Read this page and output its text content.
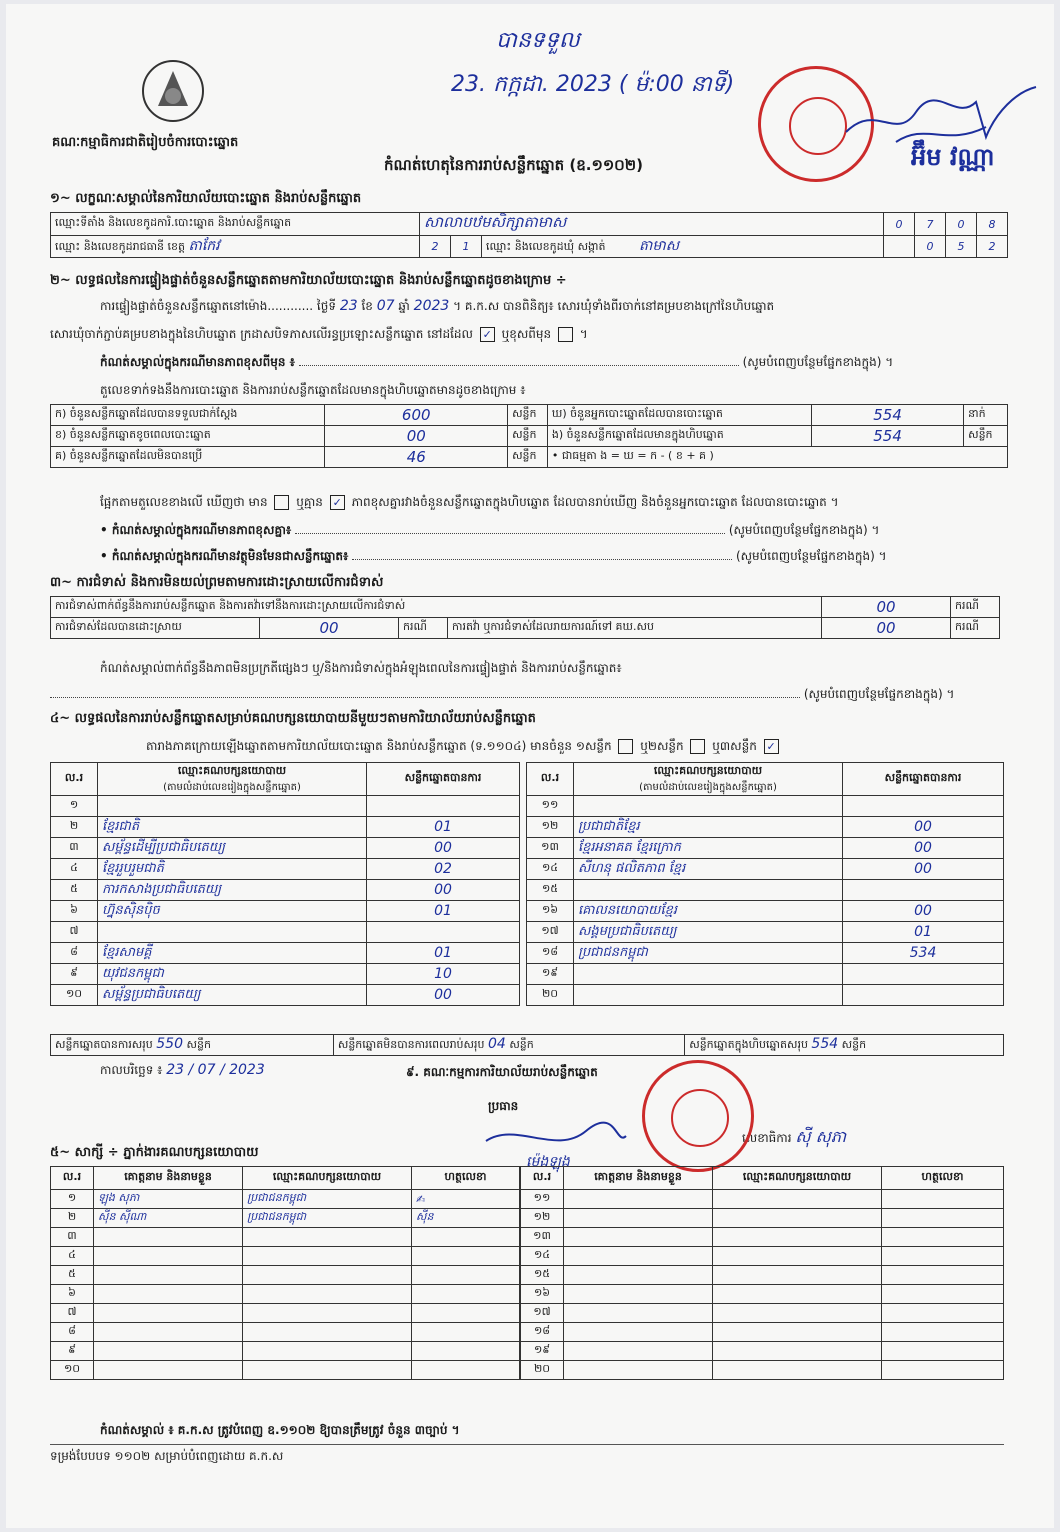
បានទទួល
23. កក្កដា. 2023 ( ម៉:00 នាទី)
អ៊ឹម វណ្ណា
គណៈកម្មាធិការជាតិរៀបចំការបោះឆ្នោត
កំណត់ហេតុនៃការរាប់សន្លឹកឆ្នោត (ឧ.១១០២)
១~ លក្ខណៈសម្គាល់នៃការិយាល័យបោះឆ្នោត និងរាប់សន្លឹកឆ្នោត
ឈ្មោះទីតាំង និងលេខកូដការិ.បោះឆ្នោត និងរាប់សន្លឹកឆ្នោត	សាលាបឋមសិក្សាតាមាស			0	7	0	8
ឈ្មោះ និងលេខកូដរាជធានី ខេត្ត តាកែវ	2	1	ឈ្មោះ និងលេខកូដឃុំ សង្កាត់ តាមាស		0	5	2
២~ លទ្ធផលនៃការផ្ទៀងផ្ទាត់ចំនួនសន្លឹកឆ្នោតតាមការិយាល័យបោះឆ្នោត និងរាប់សន្លឹកឆ្នោតដូចខាងក្រោម ÷
ការផ្ទៀងផ្ទាត់ចំនួនសន្លឹកឆ្នោតនៅម៉ោង............ ថ្ងៃទី 23 ខែ 07 ឆ្នាំ 2023 ។ គ.ក.ស បានពិនិត្យ៖ សោរឃុំទាំងពីរចាក់នៅគម្របខាងក្រៅនៃហិបឆ្នោត
សោរឃុំចាក់ភ្ជាប់គម្របខាងក្នុងនៃហិបឆ្នោត ក្រដាសបិទភាសលើរន្ធប្រឡោះសន្លឹកឆ្នោត នៅដដែល ✓ ឬខុសពីមុន  ។
កំណត់សម្គាល់ក្នុងករណីមានភាពខុសពីមុន ៖	(សូមបំពេញបន្ថែមផ្នែកខាងក្នុង) ។
តួលេខទាក់ទងនឹងការបោះឆ្នោត និងការរាប់សន្លឹកឆ្នោតដែលមានក្នុងហិបឆ្នោតមានដូចខាងក្រោម ៖
ក) ចំនួនសន្លឹកឆ្នោតដែលបានទទួលជាក់ស្តែង	600	សន្លឹក	ឃ) ចំនួនអ្នកបោះឆ្នោតដែលបានបោះឆ្នោត	554	នាក់
ខ) ចំនួនសន្លឹកឆ្នោតខូចពេលបោះឆ្នោត	00	សន្លឹក	ង) ចំនួនសន្លឹកឆ្នោតដែលមានក្នុងហិបឆ្នោត	554	សន្លឹក
គ) ចំនួនសន្លឹកឆ្នោតដែលមិនបានប្រើ	46	សន្លឹក	• ជាធម្មតា ង = ឃ = ក - ( ខ + គ )		
ផ្អែកតាមតួលេខខាងលើ ឃើញថា មាន ឬគ្មាន ✓ ភាពខុសគ្នារវាងចំនួនសន្លឹកឆ្នោតក្នុងហិបឆ្នោត ដែលបានរាប់ឃើញ និងចំនួនអ្នកបោះឆ្នោត ដែលបានបោះឆ្នោត ។
• កំណត់សម្គាល់ក្នុងករណីមានភាពខុសគ្នា៖	(សូមបំពេញបន្ថែមផ្នែកខាងក្នុង) ។
• កំណត់សម្គាល់ក្នុងករណីមានវត្ថុមិនមែនជាសន្លឹកឆ្នោត៖	(សូមបំពេញបន្ថែមផ្នែកខាងក្នុង) ។
៣~ ការជំទាស់ និងការមិនយល់ព្រមតាមការដោះស្រាយលើការជំទាស់
ការជំទាស់ពាក់ព័ន្ធនឹងការរាប់សន្លឹកឆ្នោត និងការតវ៉ាទៅនឹងការដោះស្រាយលើការជំទាស់				00	ករណី
ការជំទាស់ដែលបានដោះស្រាយ	00	ករណី	ការតវ៉ា ឬការជំទាស់ដែលរាយការណ៍ទៅ គឃ.សប	00	ករណី
កំណត់សម្គាល់ពាក់ព័ន្ធនឹងភាពមិនប្រក្រតីផ្សេងៗ ឬ/និងការជំទាស់ក្នុងអំឡុងពេលនៃការផ្ទៀងផ្ទាត់ និងការរាប់សន្លឹកឆ្នោត៖
(សូមបំពេញបន្ថែមផ្នែកខាងក្នុង) ។
៤~ លទ្ធផលនៃការរាប់សន្លឹកឆ្នោតសម្រាប់គណបក្សនយោបាយនីមួយៗតាមការិយាល័យរាប់សន្លឹកឆ្នោត
តារាងភាគក្រោយឡើងឆ្នោតតាមការិយាល័យបោះឆ្នោត និងរាប់សន្លឹកឆ្នោត (ទ.១១០៤) មានចំនួន ១សន្លឹក ឬ២សន្លឹក ឬ៣សន្លឹក ✓
ល.រ	ឈ្មោះគណបក្សនយោបាយ
(តាមលំដាប់លេខរៀងក្នុងសន្លឹកឆ្នោត)	សន្លឹកឆ្នោតបានការ
១		
២	ខ្មែរជាតិ	01
៣	សម្ព័ន្ធដើម្បីប្រជាធិបតេយ្យ	00
៤	ខ្មែររួបរួមជាតិ	02
៥	ការកសាងប្រជាធិបតេយ្យ	00
៦	ហ្វ៊ុនស៊ិនប៉ិច	01
៧		
៨	ខ្មែរសាមគ្គី	01
៩	យុវជនកម្ពុជា	10
១០	សម្ព័ន្ធប្រជាធិបតេយ្យ	00
ល.រ	ឈ្មោះគណបក្សនយោបាយ
(តាមលំដាប់លេខរៀងក្នុងសន្លឹកឆ្នោត)	សន្លឹកឆ្នោតបានការ
១១		
១២	ប្រជាជាតិខ្មែរ	00
១៣	ខ្មែរអនាគត ខ្មែរក្រោក	00
១៤	សីហនុ ផលិតភាព ខ្មែរ	00
១៥		
១៦	គោលនយោបាយខ្មែរ	00
១៧	សង្គមប្រជាធិបតេយ្យ	01
១៨	ប្រជាជនកម្ពុជា	534
១៩		
២០		
សន្លឹកឆ្នោតបានការសរុប 550 សន្លឹក	សន្លឹកឆ្នោតមិនបានការពេលរាប់សរុប 04 សន្លឹក	សន្លឹកឆ្នោតក្នុងហិបឆ្នោតសរុប 554 សន្លឹក
កាលបរិច្ឆេទ ៖ 23 / 07 / 2023	៩. គណៈកម្មការការិយាល័យរាប់សន្លឹកឆ្នោត
ប្រធាន
លេខាធិការ ស៊ី សុភា
ម៉េងឡុង
៥~ សាក្សី ÷ ភ្នាក់ងារគណបក្សនយោបាយ
ល.រ	គោត្តនាម និងនាមខ្លួន	ឈ្មោះគណបក្សនយោបាយ	ហត្ថលេខា
១	ឡុង សុភា	ប្រជាជនកម្ពុជា	✍
២	ស៊ីន ស៊ីណា	ប្រជាជនកម្ពុជា	ស៊ីន
៣			
៤			
៥			
៦			
៧			
៨			
៩			
១០			
ល.រ	គោត្តនាម និងនាមខ្លួន	ឈ្មោះគណបក្សនយោបាយ	ហត្ថលេខា
១១			
១២			
១៣			
១៤			
១៥			
១៦			
១៧			
១៨			
១៩			
២០			
កំណត់សម្គាល់ ៖ គ.ក.ស ត្រូវបំពេញ ឧ.១១០២ ឱ្យបានត្រឹមត្រូវ ចំនួន ៣ច្បាប់ ។
ទម្រង់បែបបទ ១១០២ សម្រាប់បំពេញដោយ គ.ក.ស
